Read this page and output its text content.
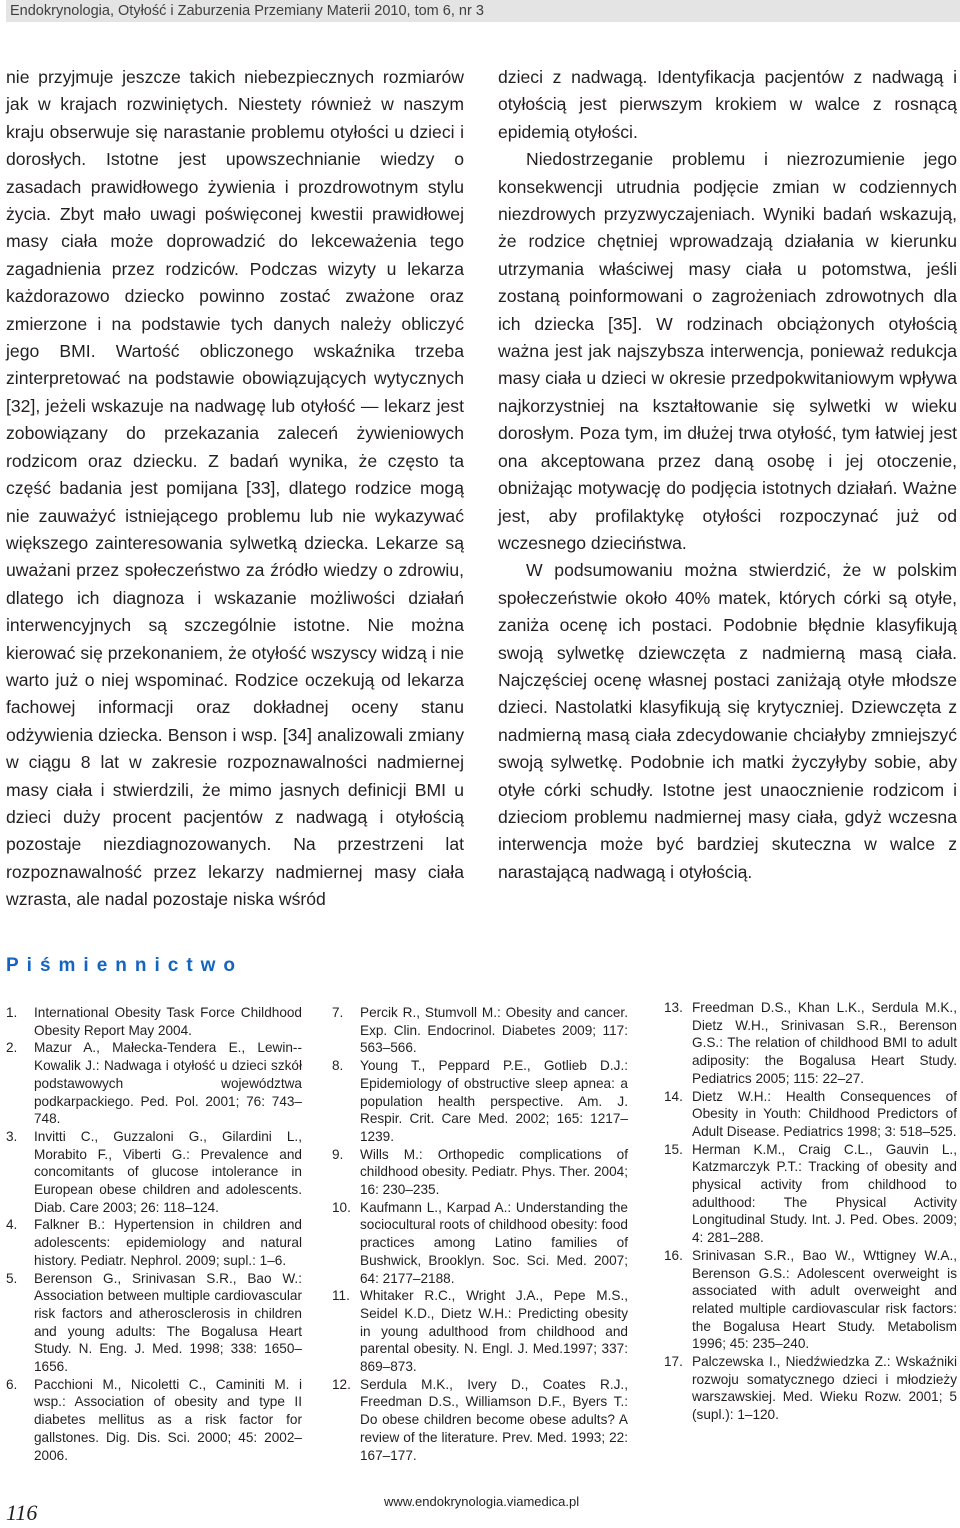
Endokrynologia, Otyłość i Zaburzenia Przemiany Materii 2010, tom 6, nr 3

nie przyjmuje jeszcze takich niebezpiecznych rozmiarów jak w krajach rozwiniętych. Niestety również w naszym kraju obserwuje się narastanie problemu otyłości u dzieci i dorosłych. Istotne jest upowszechnianie wiedzy o zasadach prawidłowego żywienia i prozdrowotnym stylu życia. Zbyt mało uwagi poświęconej kwestii prawidłowej masy ciała może doprowadzić do lekceważenia tego zagadnienia przez rodziców. Podczas wizyty u lekarza każdorazowo dziecko powinno zostać zważone oraz zmierzone i na podstawie tych danych należy obliczyć jego BMI. Wartość obliczonego wskaźnika trzeba zinterpretować na podstawie obowiązujących wytycznych [32], jeżeli wskazuje na nadwagę lub otyłość — lekarz jest zobowiązany do przekazania zaleceń żywieniowych rodzicom oraz dziecku. Z badań wynika, że często ta część badania jest pomijana [33], dlatego rodzice mogą nie zauważyć istniejącego problemu lub nie wykazywać większego zainteresowania sylwetką dziecka. Lekarze są uważani przez społeczeństwo za źródło wiedzy o zdrowiu, dlatego ich diagnoza i wskazanie możliwości działań interwencyjnych są szczególnie istotne. Nie można kierować się przekonaniem, że otyłość wszyscy widzą i nie warto już o niej wspominać. Rodzice oczekują od lekarza fachowej informacji oraz dokładnej oceny stanu odżywienia dziecka. Benson i wsp. [34] analizowali zmiany w ciągu 8 lat w zakresie rozpoznawalności nadmiernej masy ciała i stwierdzili, że mimo jasnych definicji BMI u dzieci duży procent pacjentów z nadwagą i otyłością pozostaje niezdiagnozowanych. Na przestrzeni lat rozpoznawalność przez lekarzy nadmiernej masy ciała wzrasta, ale nadal pozostaje niska wśród

dzieci z nadwagą. Identyfikacja pacjentów z nadwagą i otyłością jest pierwszym krokiem w walce z rosnącą epidemią otyłości.

Niedostrzeganie problemu i niezrozumienie jego konsekwencji utrudnia podjęcie zmian w codziennych niezdrowych przyzwyczajeniach. Wyniki badań wskazują, że rodzice chętniej wprowadzają działania w kierunku utrzymania właściwej masy ciała u potomstwa, jeśli zostaną poinformowani o zagrożeniach zdrowotnych dla ich dziecka [35]. W rodzinach obciążonych otyłością ważna jest jak najszybsza interwencja, ponieważ redukcja masy ciała u dzieci w okresie przedpokwitaniowym wpływa najkorzystniej na kształtowanie się sylwetki w wieku dorosłym. Poza tym, im dłużej trwa otyłość, tym łatwiej jest ona akceptowana przez daną osobę i jej otoczenie, obniżając motywację do podjęcia istotnych działań. Ważne jest, aby profilaktykę otyłości rozpoczynać już od wczesnego dzieciństwa.

W podsumowaniu można stwierdzić, że w polskim społeczeństwie około 40% matek, których córki są otyłe, zaniża ocenę ich postaci. Podobnie błędnie klasyfikują swoją sylwetkę dziewczęta z nadmierną masą ciała. Najczęściej ocenę własnej postaci zaniżają otyłe młodsze dzieci. Nastolatki klasyfikują się krytyczniej. Dziewczęta z nadmierną masą ciała zdecydowanie chciałyby zmniejszyć swoją sylwetkę. Podobnie ich matki życzyłyby sobie, aby otyłe córki schudły. Istotne jest unaocznienie rodzicom i dzieciom problemu nadmiernej masy ciała, gdyż wczesna interwencja może być bardziej skuteczna w walce z narastającą nadwagą i otyłością.

Piśmiennictwo

1. International Obesity Task Force Childhood Obesity Report May 2004.

2. Mazur A., Małecka-Tendera E., Lewin--Kowalik J.: Nadwaga i otyłość u dzieci szkół podstawowych województwa podkarpackiego. Ped. Pol. 2001; 76: 743–748.

3. Invitti C., Guzzaloni G., Gilardini L., Morabito F., Viberti G.: Prevalence and concomitants of glucose intolerance in European obese children and adolescents. Diab. Care 2003; 26: 118–124.

4. Falkner B.: Hypertension in children and adolescents: epidemiology and natural history. Pediatr. Nephrol. 2009; supl.: 1–6.

5. Berenson G., Srinivasan S.R., Bao W.: Association between multiple cardiovascular risk factors and atherosclerosis in children and young adults: The Bogalusa Heart Study. N. Eng. J. Med. 1998; 338: 1650–1656.

6. Pacchioni M., Nicoletti C., Caminiti M. i wsp.: Association of obesity and type II diabetes mellitus as a risk factor for gallstones. Dig. Dis. Sci. 2000; 45: 2002–2006.

7. Percik R., Stumvoll M.: Obesity and cancer. Exp. Clin. Endocrinol. Diabetes 2009; 117: 563–566.

8. Young T., Peppard P.E., Gotlieb D.J.: Epidemiology of obstructive sleep apnea: a population health perspective. Am. J. Respir. Crit. Care Med. 2002; 165: 1217–1239.

9. Wills M.: Orthopedic complications of childhood obesity. Pediatr. Phys. Ther. 2004; 16: 230–235.

10. Kaufmann L., Karpad A.: Understanding the sociocultural roots of childhood obesity: food practices among Latino families of Bushwick, Brooklyn. Soc. Sci. Med. 2007; 64: 2177–2188.

11. Whitaker R.C., Wright J.A., Pepe M.S., Seidel K.D., Dietz W.H.: Predicting obesity in young adulthood from childhood and parental obesity. N. Engl. J. Med.1997; 337: 869–873.

12. Serdula M.K., Ivery D., Coates R.J., Freedman D.S., Williamson D.F., Byers T.: Do obese children become obese adults? A review of the literature. Prev. Med. 1993; 22: 167–177.

13. Freedman D.S., Khan L.K., Serdula M.K., Dietz W.H., Srinivasan S.R., Berenson G.S.: The relation of childhood BMI to adult adiposity: the Bogalusa Heart Study. Pediatrics 2005; 115: 22–27.

14. Dietz W.H.: Health Consequences of Obesity in Youth: Childhood Predictors of Adult Disease. Pediatrics 1998; 3: 518–525.

15. Herman K.M., Craig C.L., Gauvin L., Katzmarczyk P.T.: Tracking of obesity and physical activity from childhood to adulthood: The Physical Activity Longitudinal Study. Int. J. Ped. Obes. 2009; 4: 281–288.

16. Srinivasan S.R., Bao W., Wttigney W.A., Berenson G.S.: Adolescent overweight is associated with adult overweight and related multiple cardiovascular risk factors: the Bogalusa Heart Study. Metabolism 1996; 45: 235–240.

17. Palczewska I., Niedźwiedzka Z.: Wskaźniki rozwoju somatycznego dzieci i młodzieży warszawskiej. Med. Wieku Rozw. 2001; 5 (supl.): 1–120.

116	www.endokrynologia.viamedica.pl
